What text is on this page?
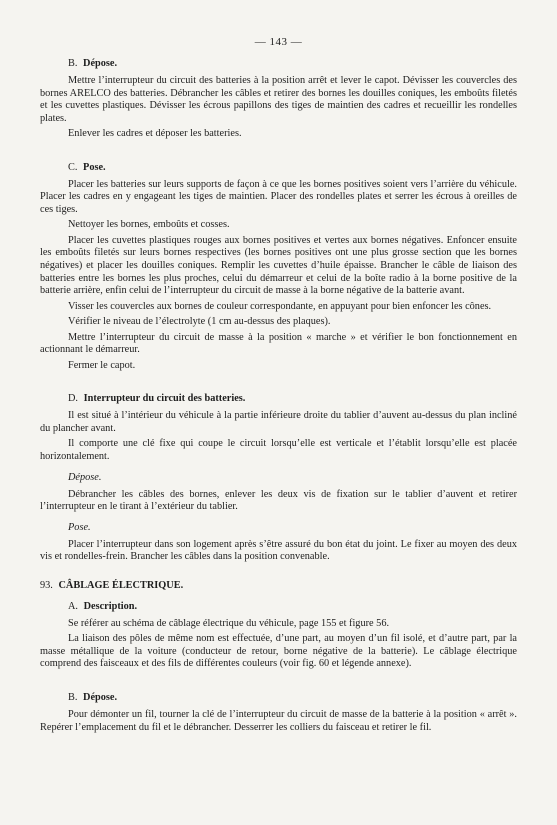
— 143 —
B. Dépose.

Mettre l’interrupteur du circuit des batteries à la position arrêt et lever le capot. Dévisser les couvercles des bornes ARELCO des batteries. Débrancher les câbles et retirer des bornes les douilles coniques, les emboûts filetés et les cuvettes plastiques. Dévisser les écrous papillons des tiges de maintien des cadres et recueillir les rondelles plates.

Enlever les cadres et déposer les batteries.

C. Pose.

Placer les batteries sur leurs supports de façon à ce que les bornes positives soient vers l’arrière du véhicule. Placer les cadres en y engageant les tiges de maintien. Placer des rondelles plates et serrer les écrous à oreilles de ces tiges.

Nettoyer les bornes, emboûts et cosses.

Placer les cuvettes plastiques rouges aux bornes positives et vertes aux bornes négatives. Enfoncer ensuite les emboûts filetés sur leurs bornes respectives (les bornes positives ont une plus grosse section que les bornes négatives) et placer les douilles coniques. Remplir les cuvettes d’huile épaisse. Brancher le câble de liaison des batteries entre les bornes les plus proches, celui du démarreur et celui de la boîte radio à la borne positive de la batterie arrière, enfin celui de l’interrupteur du circuit de masse à la borne négative de la batterie avant.

Visser les couvercles aux bornes de couleur correspondante, en appuyant pour bien enfoncer les cônes.

Vérifier le niveau de l’électrolyte (1 cm au-dessus des plaques).

Mettre l’interrupteur du circuit de masse à la position « marche » et vérifier le bon fonctionnement en actionnant le démarreur.

Fermer le capot.

D. Interrupteur du circuit des batteries.

Il est situé à l’intérieur du véhicule à la partie inférieure droite du tablier d’auvent au-dessus du plan incliné du plancher avant.

Il comporte une clé fixe qui coupe le circuit lorsqu’elle est verticale et l’établit lorsqu’elle est placée horizontalement.

Dépose.

Débrancher les câbles des bornes, enlever les deux vis de fixation sur le tablier d’auvent et retirer l’interrupteur en le tirant à l’extérieur du tablier.

Pose.

Placer l’interrupteur dans son logement après s’être assuré du bon état du joint. Le fixer au moyen des deux vis et rondelles-frein. Brancher les câbles dans la position convenable.

93. CÂBLAGE ÉLECTRIQUE.
A. Description.

Se référer au schéma de câblage électrique du véhicule, page 155 et figure 56.

La liaison des pôles de même nom est effectuée, d’une part, au moyen d’un fil isolé, et d’autre part, par la masse métallique de la voiture (conducteur de retour, borne négative de la batterie). Le câblage électrique comprend des faisceaux et des fils de différentes couleurs (voir fig. 60 et légende annexe).

B. Dépose.

Pour démonter un fil, tourner la clé de l’interrupteur du circuit de masse de la batterie à la position « arrêt ». Repérer l’emplacement du fil et le débrancher. Desserrer les colliers du faisceau et retirer le fil.
